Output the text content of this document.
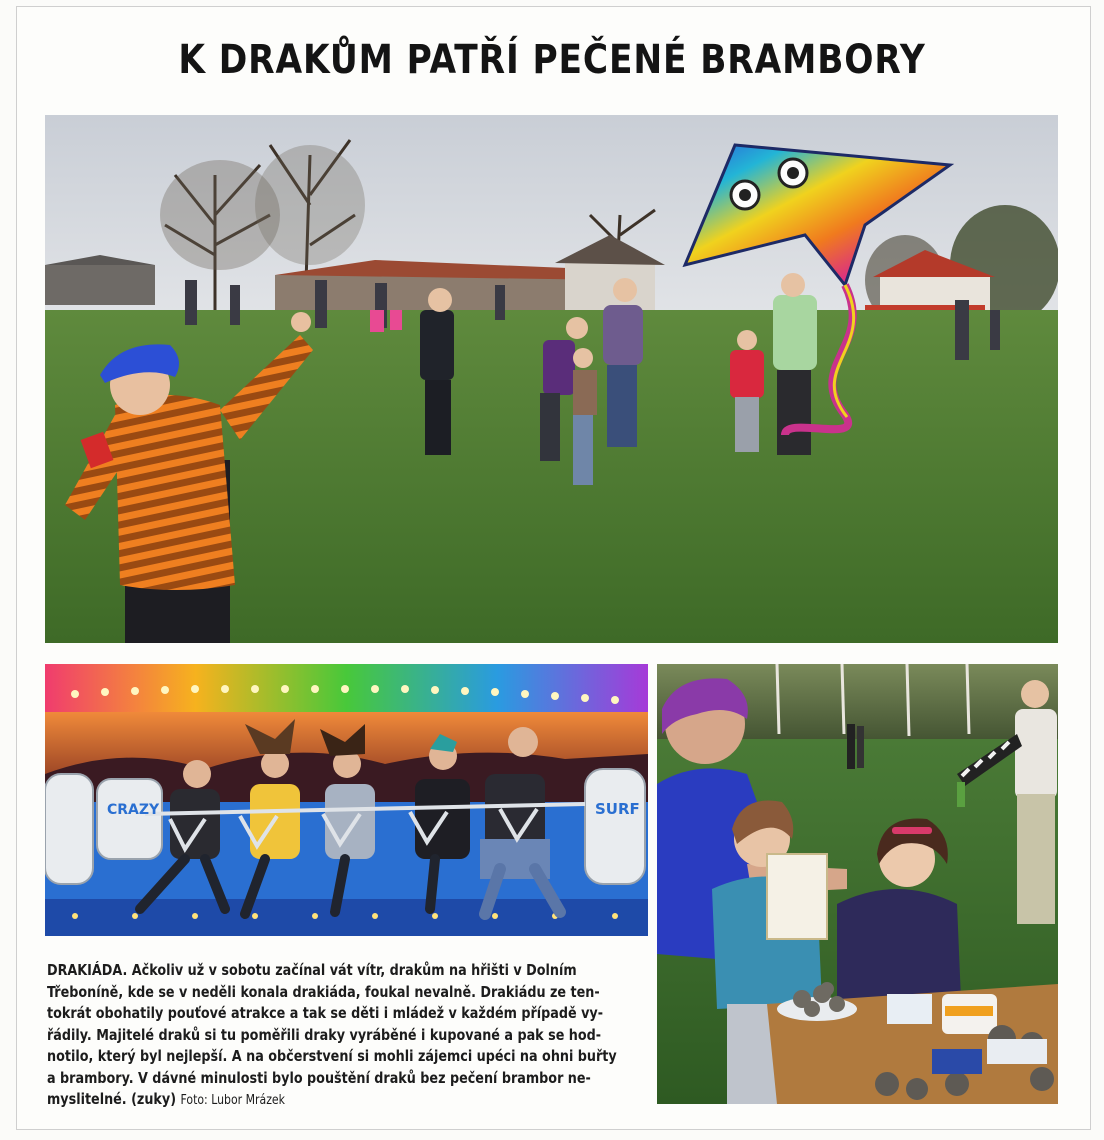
K DRAKŮM PATŘÍ PEČENÉ BRAMBORY
CRAZY	SURF
DRAKIÁDA. Ačkoliv už v sobotu začínal vát vítr, drakům na hřišti v Dolním
Třeboníně, kde se v neděli konala drakiáda, foukal nevalně. Drakiádu ze ten-
tokrát obohatily pouťové atrakce a tak se děti i mládež v každém případě vy-
řádily. Majitelé draků si tu poměřili draky vyráběné i kupované a pak se hod-
notilo, který byl nejlepší. A na občerstvení si mohli zájemci upéci na ohni buřty
a brambory. V dávné minulosti bylo pouštění draků bez pečení brambor ne-
myslitelné. (zuky) Foto: Lubor Mrázek
